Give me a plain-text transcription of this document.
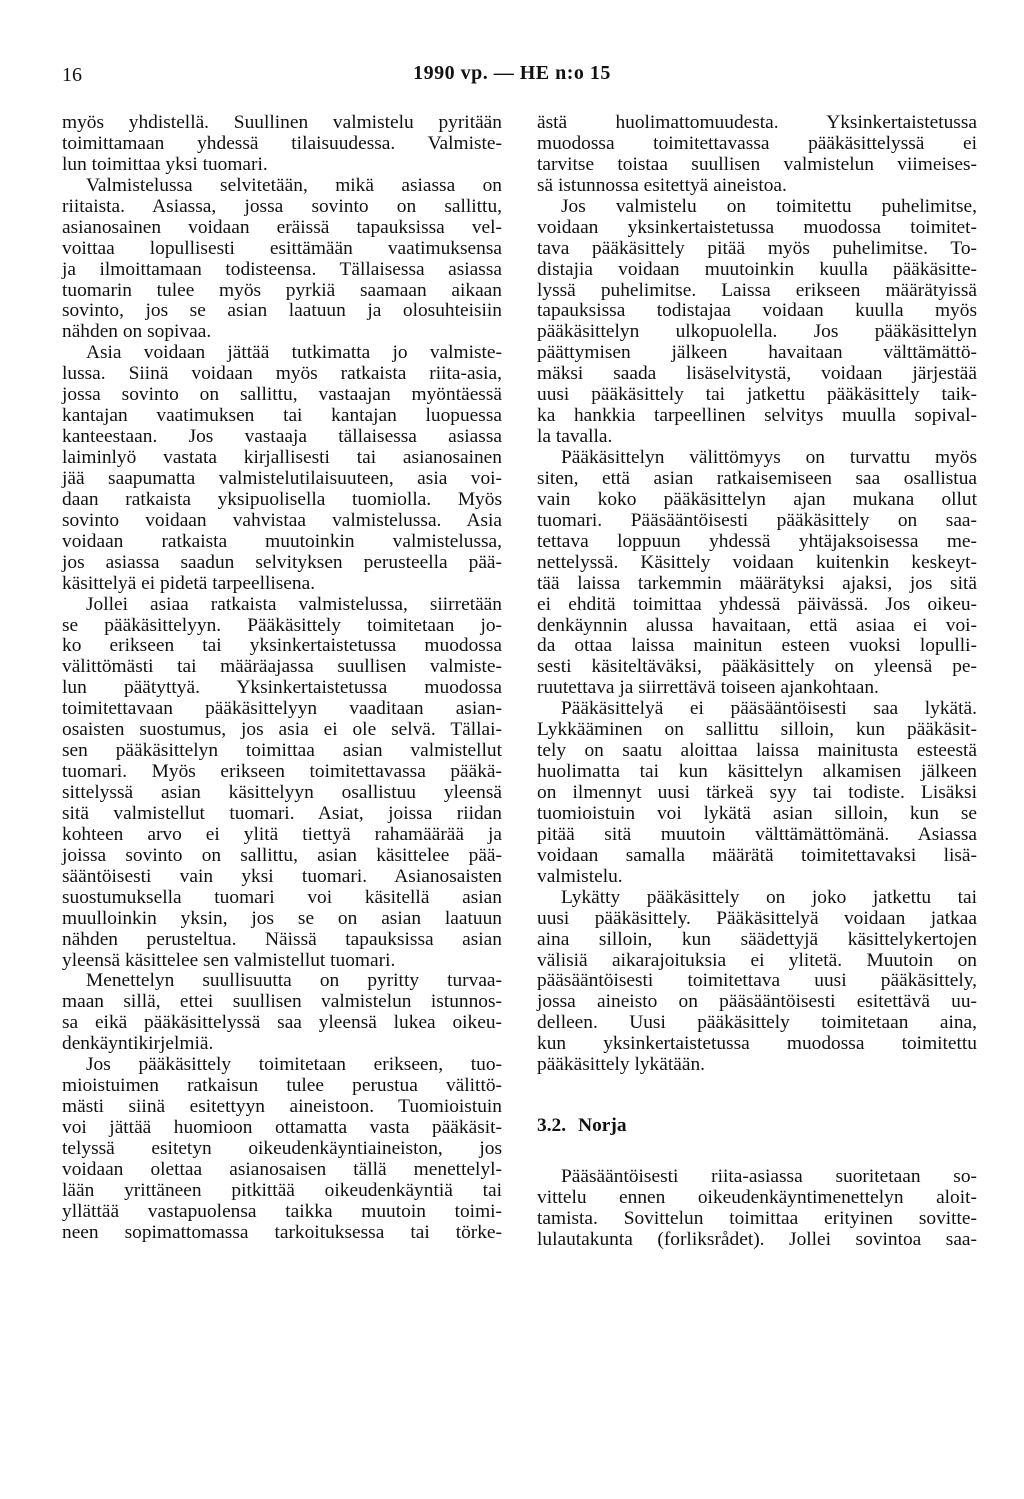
16	1990 vp. — HE n:o 15
myös yhdistellä. Suullinen valmistelu pyritään
toimittamaan yhdessä tilaisuudessa. Valmiste-
lun toimittaa yksi tuomari.
Valmistelussa selvitetään, mikä asiassa on
riitaista. Asiassa, jossa sovinto on sallittu,
asianosainen voidaan eräissä tapauksissa vel-
voittaa lopullisesti esittämään vaatimuksensa
ja ilmoittamaan todisteensa. Tällaisessa asiassa
tuomarin tulee myös pyrkiä saamaan aikaan
sovinto, jos se asian laatuun ja olosuhteisiin
nähden on sopivaa.
Asia voidaan jättää tutkimatta jo valmiste-
lussa. Siinä voidaan myös ratkaista riita-asia,
jossa sovinto on sallittu, vastaajan myöntäessä
kantajan vaatimuksen tai kantajan luopuessa
kanteestaan. Jos vastaaja tällaisessa asiassa
laiminlyö vastata kirjallisesti tai asianosainen
jää saapumatta valmistelutilaisuuteen, asia voi-
daan ratkaista yksipuolisella tuomiolla. Myös
sovinto voidaan vahvistaa valmistelussa. Asia
voidaan ratkaista muutoinkin valmistelussa,
jos asiassa saadun selvityksen perusteella pää-
käsittelyä ei pidetä tarpeellisena.
Jollei asiaa ratkaista valmistelussa, siirretään
se pääkäsittelyyn. Pääkäsittely toimitetaan jo-
ko erikseen tai yksinkertaistetussa muodossa
välittömästi tai määräajassa suullisen valmiste-
lun päätyttyä. Yksinkertaistetussa muodossa
toimitettavaan pääkäsittelyyn vaaditaan asian-
osaisten suostumus, jos asia ei ole selvä. Tällai-
sen pääkäsittelyn toimittaa asian valmistellut
tuomari. Myös erikseen toimitettavassa pääkä-
sittelyssä asian käsittelyyn osallistuu yleensä
sitä valmistellut tuomari. Asiat, joissa riidan
kohteen arvo ei ylitä tiettyä rahamäärää ja
joissa sovinto on sallittu, asian käsittelee pää-
sääntöisesti vain yksi tuomari. Asianosaisten
suostumuksella tuomari voi käsitellä asian
muulloinkin yksin, jos se on asian laatuun
nähden perusteltua. Näissä tapauksissa asian
yleensä käsittelee sen valmistellut tuomari.
Menettelyn suullisuutta on pyritty turvaa-
maan sillä, ettei suullisen valmistelun istunnos-
sa eikä pääkäsittelyssä saa yleensä lukea oikeu-
denkäyntikirjelmiä.
Jos pääkäsittely toimitetaan erikseen, tuo-
mioistuimen ratkaisun tulee perustua välittö-
mästi siinä esitettyyn aineistoon. Tuomioistuin
voi jättää huomioon ottamatta vasta pääkäsit-
telyssä esitetyn oikeudenkäyntiaineiston, jos
voidaan olettaa asianosaisen tällä menettelyl-
lään yrittäneen pitkittää oikeudenkäyntiä tai
yllättää vastapuolensa taikka muutoin toimi-
neen sopimattomassa tarkoituksessa tai törke-
ästä huolimattomuudesta. Yksinkertaistetussa
muodossa toimitettavassa pääkäsittelyssä ei
tarvitse toistaa suullisen valmistelun viimeises-
sä istunnossa esitettyä aineistoa.
Jos valmistelu on toimitettu puhelimitse,
voidaan yksinkertaistetussa muodossa toimitet-
tava pääkäsittely pitää myös puhelimitse. To-
distajia voidaan muutoinkin kuulla pääkäsitte-
lyssä puhelimitse. Laissa erikseen määrätyissä
tapauksissa todistajaa voidaan kuulla myös
pääkäsittelyn ulkopuolella. Jos pääkäsittelyn
päättymisen jälkeen havaitaan välttämättö-
mäksi saada lisäselvitystä, voidaan järjestää
uusi pääkäsittely tai jatkettu pääkäsittely taik-
ka hankkia tarpeellinen selvitys muulla sopival-
la tavalla.
Pääkäsittelyn välittömyys on turvattu myös
siten, että asian ratkaisemiseen saa osallistua
vain koko pääkäsittelyn ajan mukana ollut
tuomari. Pääsääntöisesti pääkäsittely on saa-
tettava loppuun yhdessä yhtäjaksoisessa me-
nettelyssä. Käsittely voidaan kuitenkin keskeyt-
tää laissa tarkemmin määrätyksi ajaksi, jos sitä
ei ehditä toimittaa yhdessä päivässä. Jos oikeu-
denkäynnin alussa havaitaan, että asiaa ei voi-
da ottaa laissa mainitun esteen vuoksi lopulli-
sesti käsiteltäväksi, pääkäsittely on yleensä pe-
ruutettava ja siirrettävä toiseen ajankohtaan.
Pääkäsittelyä ei pääsääntöisesti saa lykätä.
Lykkääminen on sallittu silloin, kun pääkäsit-
tely on saatu aloittaa laissa mainitusta esteestä
huolimatta tai kun käsittelyn alkamisen jälkeen
on ilmennyt uusi tärkeä syy tai todiste. Lisäksi
tuomioistuin voi lykätä asian silloin, kun se
pitää sitä muutoin välttämättömänä. Asiassa
voidaan samalla määrätä toimitettavaksi lisä-
valmistelu.
Lykätty pääkäsittely on joko jatkettu tai
uusi pääkäsittely. Pääkäsittelyä voidaan jatkaa
aina silloin, kun säädettyjä käsittelykertojen
välisiä aikarajoituksia ei ylitetä. Muutoin on
pääsääntöisesti toimitettava uusi pääkäsittely,
jossa aineisto on pääsääntöisesti esitettävä uu-
delleen. Uusi pääkäsittely toimitetaan aina,
kun yksinkertaistetussa muodossa toimitettu
pääkäsittely lykätään.
3.2. Norja
Pääsääntöisesti riita-asiassa suoritetaan so-
vittelu ennen oikeudenkäyntimenettelyn aloit-
tamista. Sovittelun toimittaa erityinen sovitte-
lulautakunta (forliksrådet). Jollei sovintoa saa-
